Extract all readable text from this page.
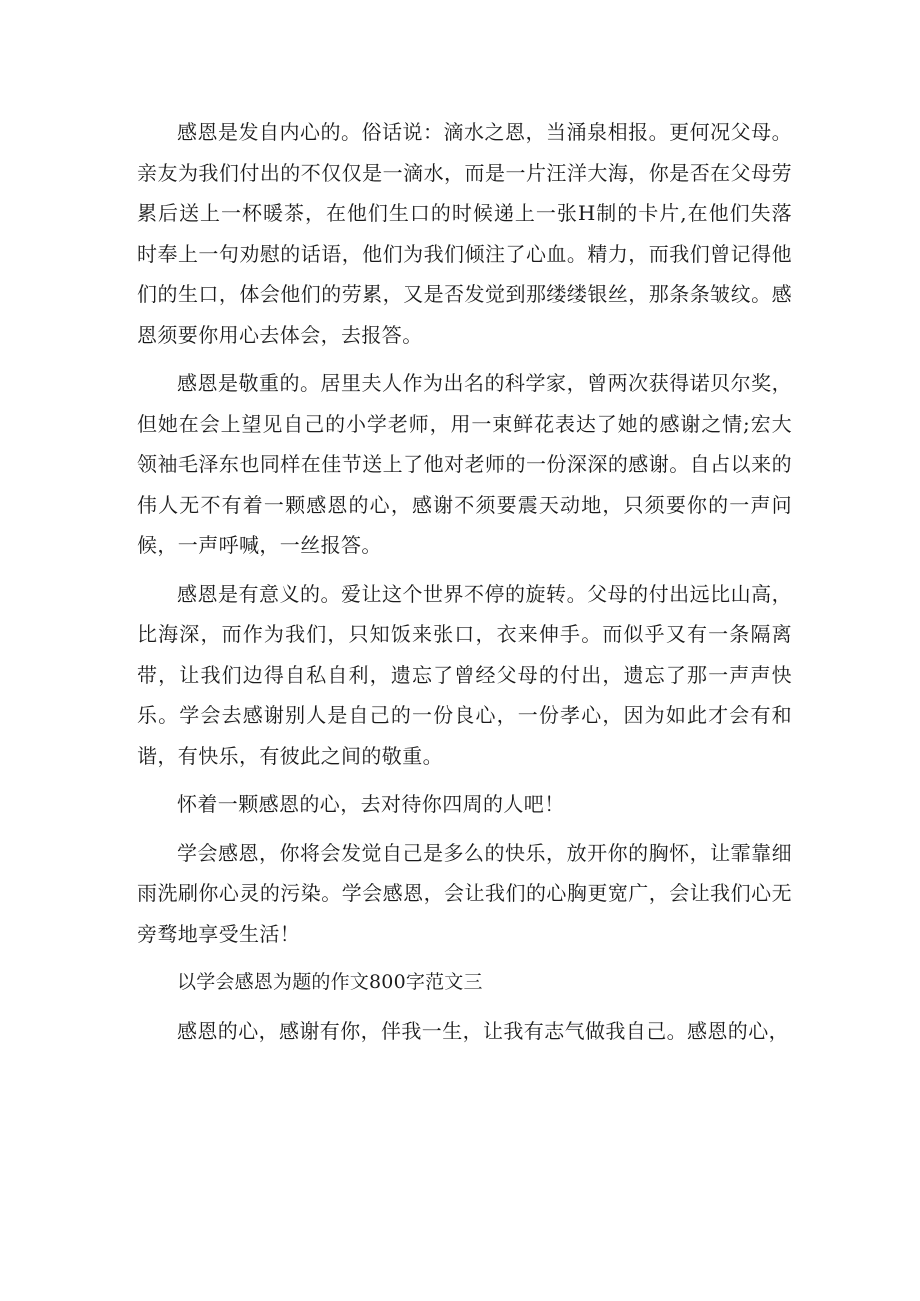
感恩是发自内心的。俗话说：滴水之恩，当涌泉相报。更何况父母。亲友为我们付出的不仅仅是一滴水，而是一片汪洋大海，你是否在父母劳累后送上一杯暖茶，在他们生口的时候递上一张H制的卡片,在他们失落时奉上一句劝慰的话语，他们为我们倾注了心血。精力，而我们曾记得他们的生口，体会他们的劳累，又是否发觉到那缕缕银丝，那条条皱纹。感恩须要你用心去体会，去报答。

感恩是敬重的。居里夫人作为出名的科学家，曾两次获得诺贝尔奖，但她在会上望见自己的小学老师，用一束鲜花表达了她的感谢之情;宏大领袖毛泽东也同样在佳节送上了他对老师的一份深深的感谢。自占以来的伟人无不有着一颗感恩的心，感谢不须要震天动地，只须要你的一声问候，一声呼喊，一丝报答。

感恩是有意义的。爱让这个世界不停的旋转。父母的付出远比山高，比海深，而作为我们，只知饭来张口，衣来伸手。而似乎又有一条隔离带，让我们边得自私自利，遗忘了曾经父母的付出，遗忘了那一声声快乐。学会去感谢别人是自己的一份良心，一份孝心，因为如此才会有和谐，有快乐，有彼此之间的敬重。

怀着一颗感恩的心，去对待你四周的人吧！

学会感恩，你将会发觉自己是多么的快乐，放开你的胸怀，让霏靠细雨洗刷你心灵的污染。学会感恩，会让我们的心胸更宽广，会让我们心无旁骛地享受生活！

以学会感恩为题的作文800字范文三

感恩的心，感谢有你，伴我一生，让我有志气做我自己。感恩的心，
